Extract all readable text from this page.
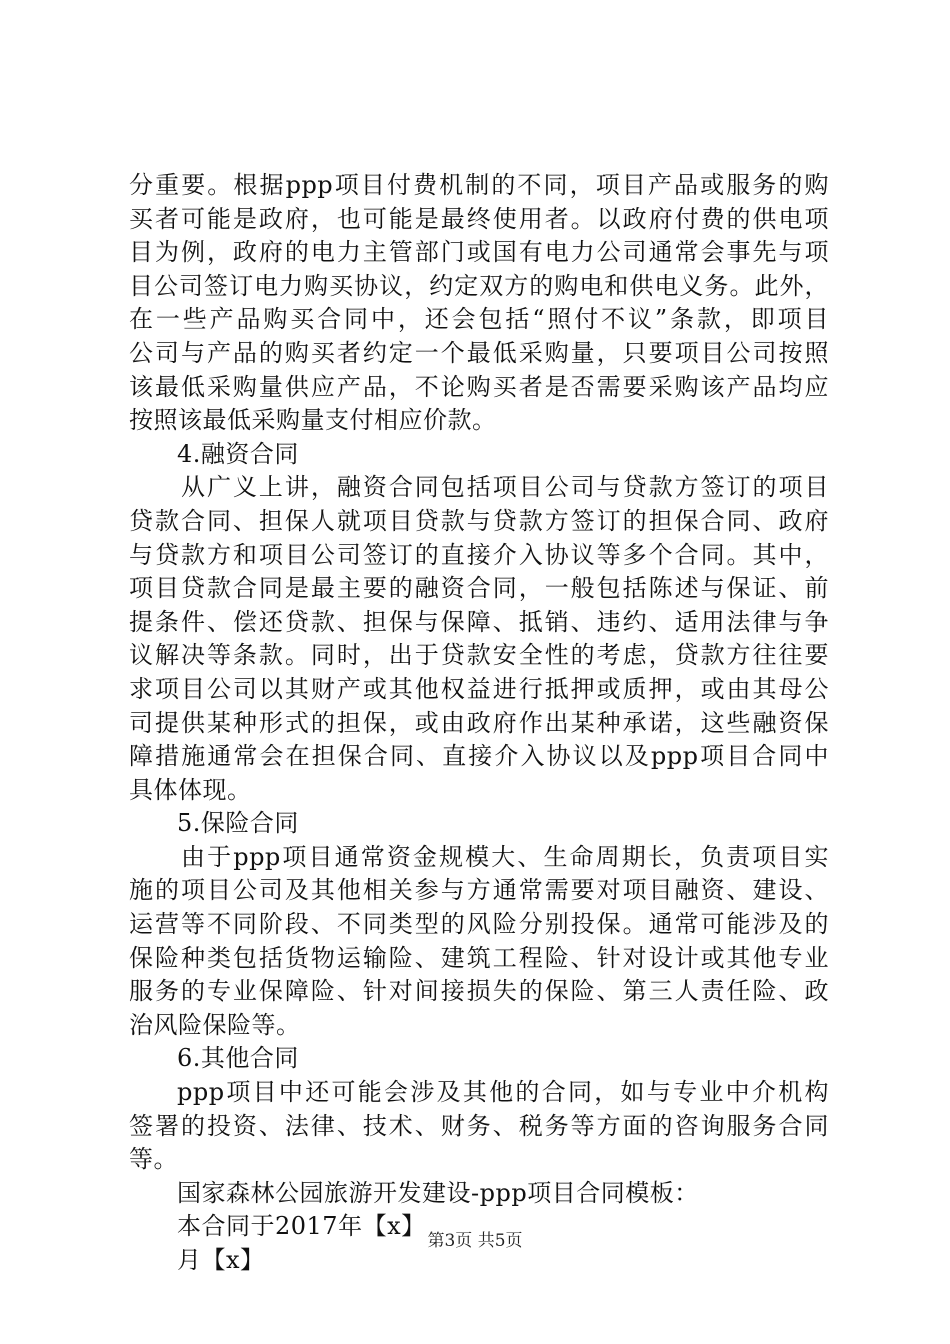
分重要。根据ppp项目付费机制的不同，项目产品或服务的购
买者可能是政府，也可能是最终使用者。以政府付费的供电项
目为例，政府的电力主管部门或国有电力公司通常会事先与项
目公司签订电力购买协议，约定双方的购电和供电义务。此外，
在一些产品购买合同中，还会包括“照付不议”条款，即项目
公司与产品的购买者约定一个最低采购量，只要项目公司按照
该最低采购量供应产品，不论购买者是否需要采购该产品均应
按照该最低采购量支付相应价款。
4.融资合同
从广义上讲，融资合同包括项目公司与贷款方签订的项目
贷款合同、担保人就项目贷款与贷款方签订的担保合同、政府
与贷款方和项目公司签订的直接介入协议等多个合同。其中，
项目贷款合同是最主要的融资合同，一般包括陈述与保证、前
提条件、偿还贷款、担保与保障、抵销、违约、适用法律与争
议解决等条款。同时，出于贷款安全性的考虑，贷款方往往要
求项目公司以其财产或其他权益进行抵押或质押，或由其母公
司提供某种形式的担保，或由政府作出某种承诺，这些融资保
障措施通常会在担保合同、直接介入协议以及ppp项目合同中
具体体现。
5.保险合同
由于ppp项目通常资金规模大、生命周期长，负责项目实
施的项目公司及其他相关参与方通常需要对项目融资、建设、
运营等不同阶段、不同类型的风险分别投保。通常可能涉及的
保险种类包括货物运输险、建筑工程险、针对设计或其他专业
服务的专业保障险、针对间接损失的保险、第三人责任险、政
治风险保险等。
6.其他合同
ppp项目中还可能会涉及其他的合同，如与专业中介机构
签署的投资、法律、技术、财务、税务等方面的咨询服务合同
等。
国家森林公园旅游开发建设-ppp项目合同模板：
本合同于2017年【x】
月【x】
第3页 共5页
